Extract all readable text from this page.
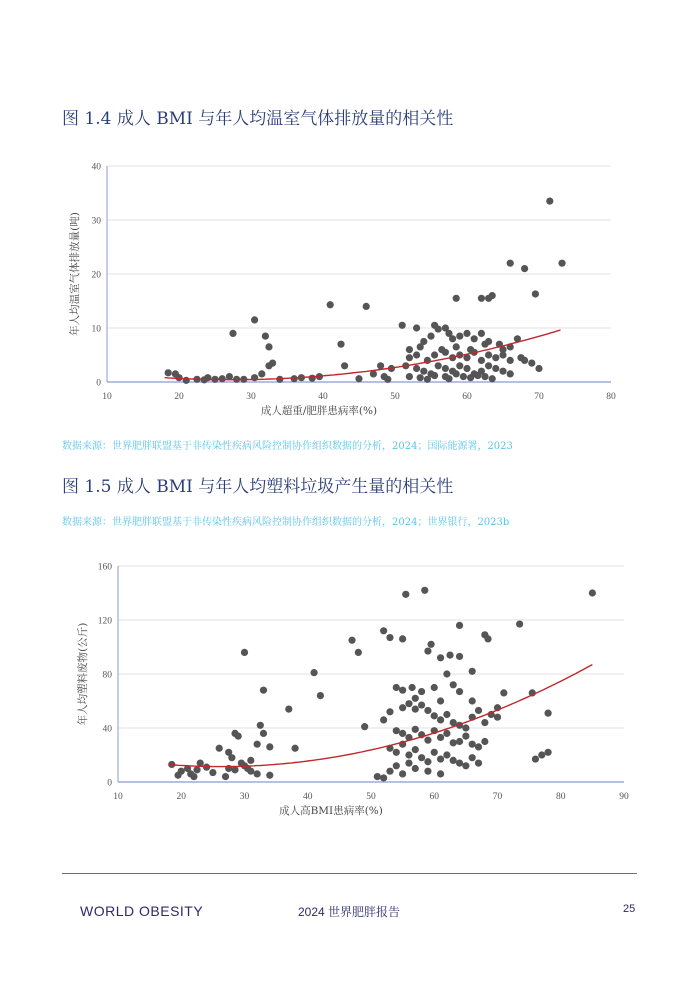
图 1.4 成人 BMI 与年人均温室气体排放量的相关性
0
10
20
30
40
10	20	30	40	50	60	70	80
成人超重/肥胖患病率(%)
年人均温室气体排放量(吨)
数据来源：世界肥胖联盟基于非传染性疾病风险控制协作组织数据的分析，2024；国际能源署，2023
图 1.5 成人 BMI 与年人均塑料垃圾产生量的相关性
数据来源：世界肥胖联盟基于非传染性疾病风险控制协作组织数据的分析，2024；世界银行，2023b
0
40
80
120
160
10	20	30	40	50	60	70	80	90
成人高BMI患病率(%)
年人均塑料废物(公斤)
WORLD OBESITY	2024 世界肥胖报告	25
